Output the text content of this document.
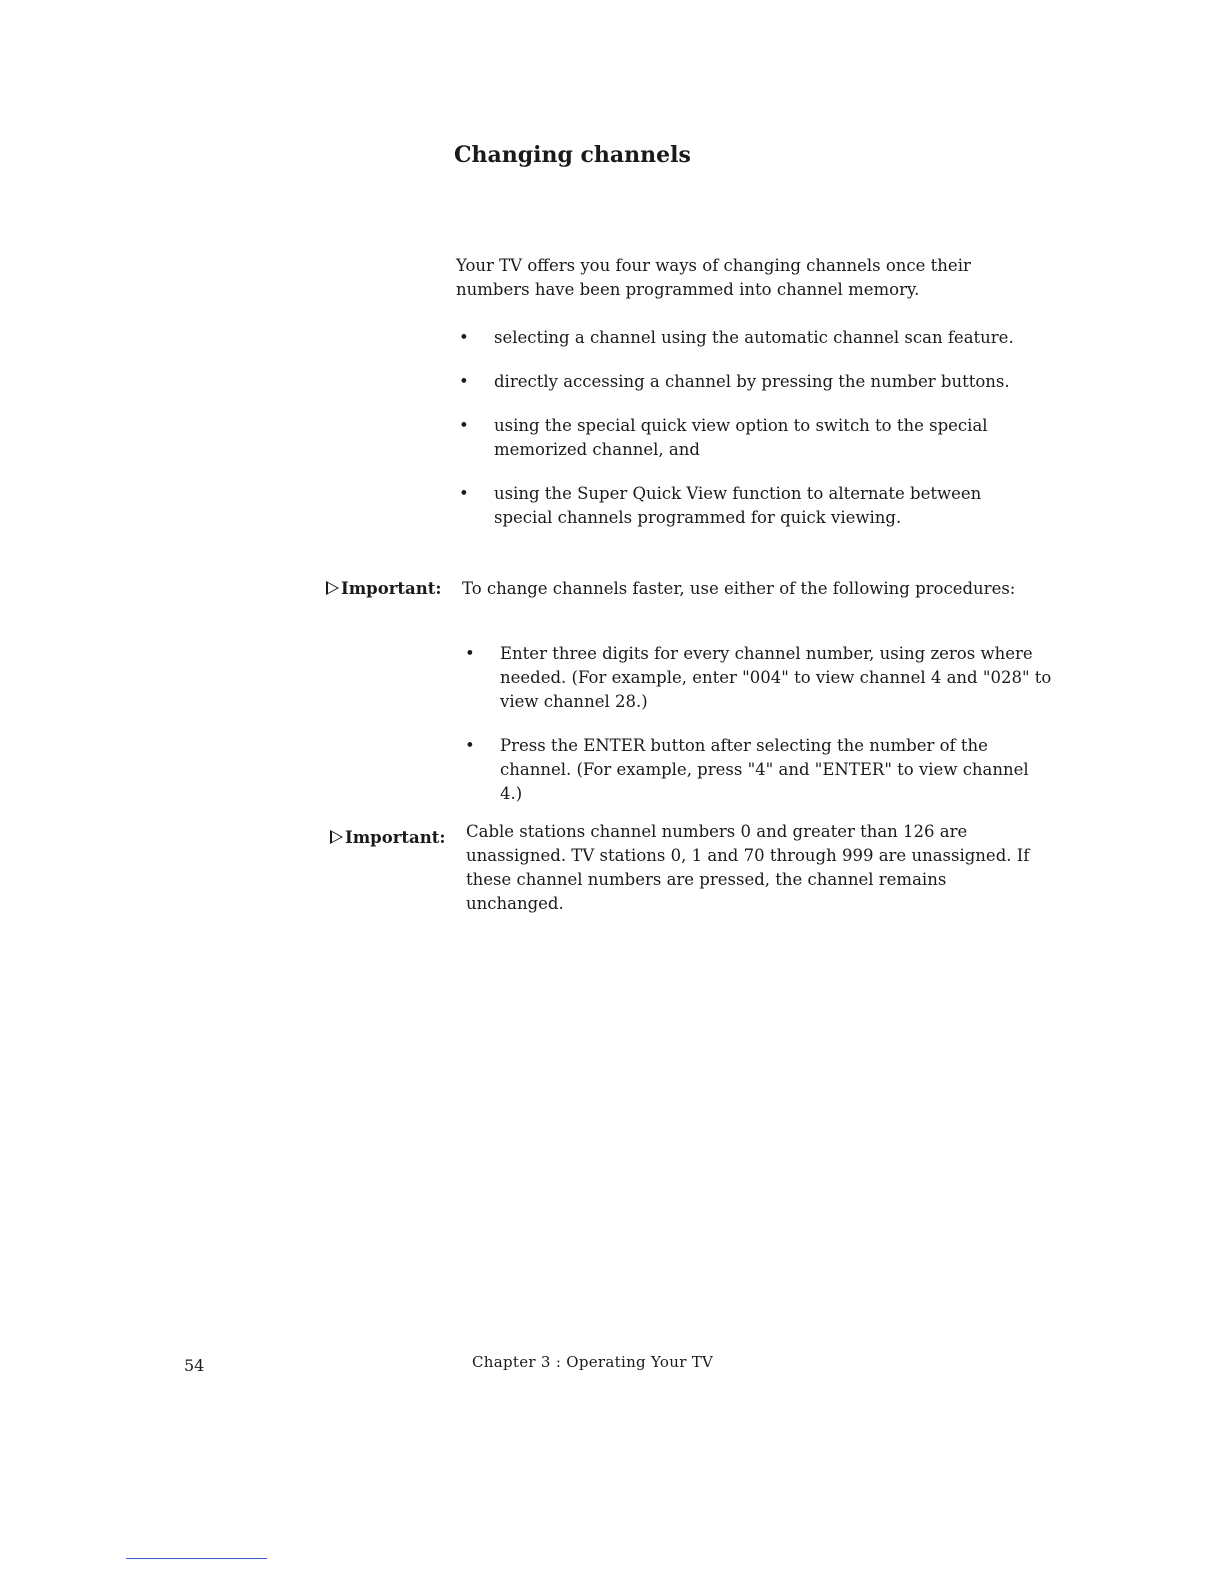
Changing channels

Your TV offers you four ways of changing channels once their numbers have been programmed into channel memory.

• selecting a channel using the automatic channel scan feature.
• directly accessing a channel by pressing the number buttons.
• using the special quick view option to switch to the special memorized channel, and
• using the Super Quick View function to alternate between special channels programmed for quick viewing.
Important: To change channels faster, use either of the following procedures:

• Enter three digits for every channel number, using zeros where needed. (For example, enter "004" to view channel 4 and "028" to view channel 28.)
• Press the ENTER button after selecting the number of the channel. (For example, press "4" and "ENTER" to view channel 4.)
Important: Cable stations channel numbers 0 and greater than 126 are unassigned. TV stations 0, 1 and 70 through 999 are unassigned. If these channel numbers are pressed, the channel remains unchanged.

54	Chapter 3 : Operating Your TV
